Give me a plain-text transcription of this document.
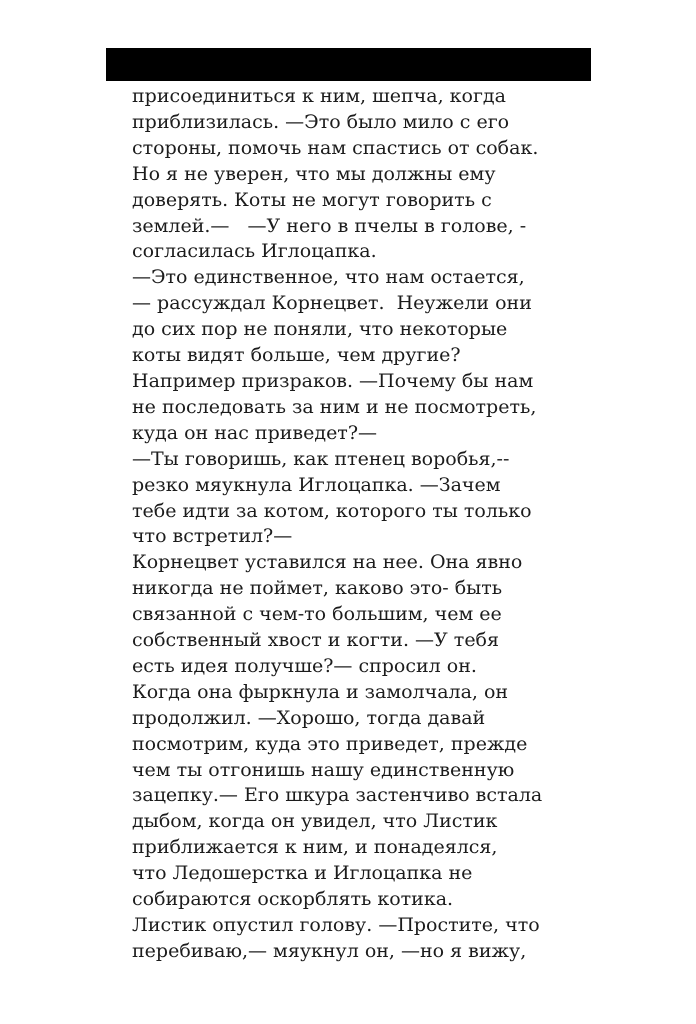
присоединиться к ним, шепча, когда
приблизилась. —Это было мило с его
стороны, помочь нам спастись от собак.
Но я не уверен, что мы должны ему
доверять. Коты не могут говорить с
землей.—   —У него в пчелы в голове, -
согласилась Иглоцапка.
—Это единственное, что нам остается,
— рассуждал Корнецвет.  Неужели они
до сих пор не поняли, что некоторые
коты видят больше, чем другие?
Например призраков. —Почему бы нам
не последовать за ним и не посмотреть,
куда он нас приведет?—
—Ты говоришь, как птенец воробья,--
резко мяукнула Иглоцапка. —Зачем
тебе идти за котом, которого ты только
что встретил?—
Корнецвет уставился на нее. Она явно
никогда не поймет, каково это- быть
связанной с чем-то большим, чем ее
собственный хвост и когти. —У тебя
есть идея получше?— спросил он.
Когда она фыркнула и замолчала, он
продолжил. —Хорошо, тогда давай
посмотрим, куда это приведет, прежде
чем ты отгонишь нашу единственную
зацепку.— Его шкура застенчиво встала
дыбом, когда он увидел, что Листик
приближается к ним, и понадеялся,
что Ледошерстка и Иглоцапка не
собираются оскорблять котика.
Листик опустил голову. —Простите, что
перебиваю,— мяукнул он, —но я вижу,
